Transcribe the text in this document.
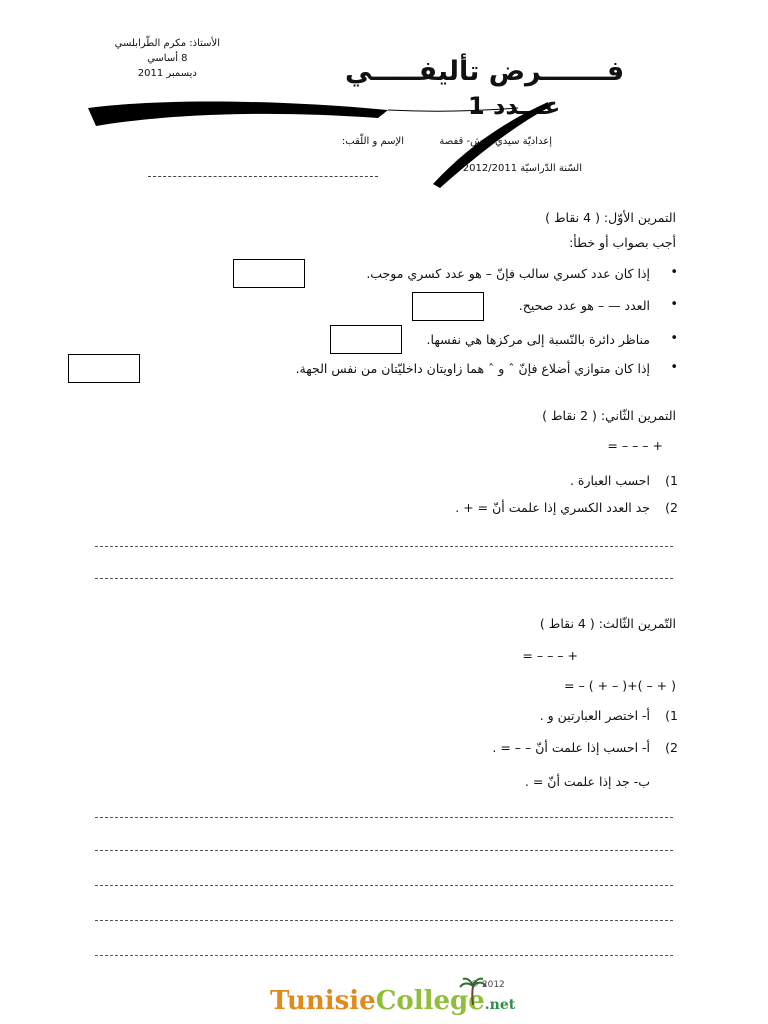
الأستاذ: مكرم الطّرابلسي
8 أساسي
ديسمبر 2011	فـــــــرض تأليفـــــي
عـــدد 1
إعداديّة سيدي عيش- قفصة
الإسم و اللّقب:
السّنة الدّراسيّة 2012/2011
التمرين الأوّل: ( 4 نقاط )
أجب بصواب أو خطأ:
• إذا كان عدد كسري سالب فإنّ – هو عدد كسري موجب.
• العدد — – هو عدد صحيح.
• مناظر دائرة بالنّسبة إلى مركزها هي نفسها.
• إذا كان متوازي أضلاع فإنّ ˆ و ˆ هما زاويتان داخليّتان من نفس الجهة.
التمرين الثّاني: ( 2 نقاط )
= – – – +
1)
احسب العبارة .
2)
جد العدد الكسري إذا علمت أنّ = + .
التّمرين الثّالث: ( 4 نقاط )
= – – – +
= – ( + – )+( – + )
1)
أ- اختصر العبارتين و .
2)
أ- احسب إذا علمت أنّ – – = .
ب- جد إذا علمت أنّ = .
TunisieCollege.net
© 2012
